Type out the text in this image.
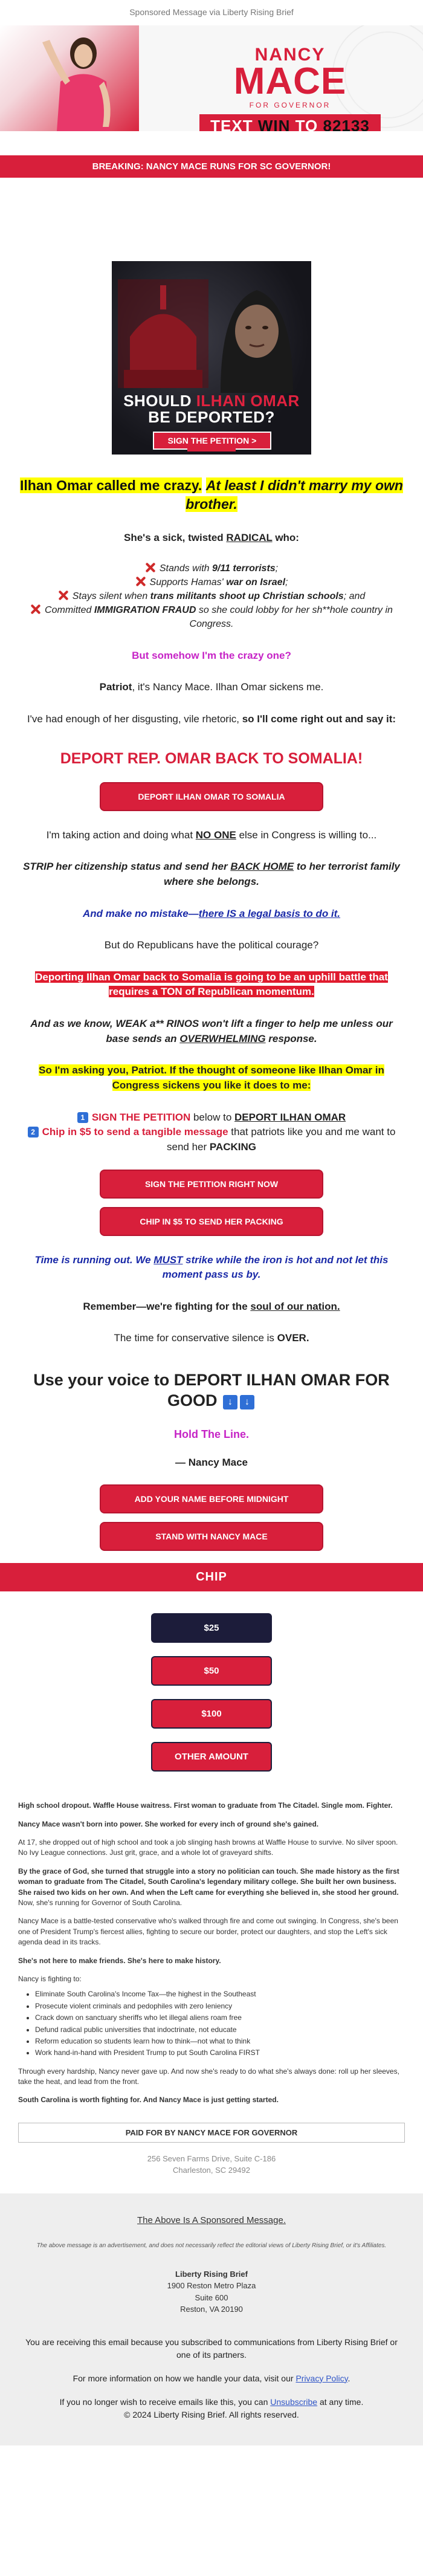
Sponsored Message via Liberty Rising Brief
NANCY
MACE
FOR GOVERNOR
TEXT WIN TO 82133
BREAKING: NANCY MACE RUNS FOR SC GOVERNOR!
SHOULD ILHAN OMAR
BE DEPORTED?
SIGN THE PETITION >
Ilhan Omar called me crazy. At least I didn't marry my own brother.
She's a sick, twisted RADICAL who:
Stands with 9/11 terrorists;
Supports Hamas' war on Israel;
Stays silent when trans militants shoot up Christian schools; and
Committed IMMIGRATION FRAUD so she could lobby for her sh**hole country in Congress.
But somehow I'm the crazy one?
Patriot, it's Nancy Mace. Ilhan Omar sickens me.
I've had enough of her disgusting, vile rhetoric, so I'll come right out and say it:
DEPORT REP. OMAR BACK TO SOMALIA!
DEPORT ILHAN OMAR TO SOMALIA
I'm taking action and doing what NO ONE else in Congress is willing to...
STRIP her citizenship status and send her BACK HOME to her terrorist family where she belongs.
And make no mistake—there IS a legal basis to do it.
But do Republicans have the political courage?
Deporting Ilhan Omar back to Somalia is going to be an uphill battle that requires a TON of Republican momentum.
And as we know, WEAK a** RINOS won't lift a finger to help me unless our base sends an OVERWHELMING response.
So I'm asking you, Patriot. If the thought of someone like Ilhan Omar in Congress sickens you like it does to me:
1 SIGN THE PETITION below to DEPORT ILHAN OMAR
2 Chip in $5 to send a tangible message that patriots like you and me want to send her PACKING
SIGN THE PETITION RIGHT NOW
CHIP IN $5 TO SEND HER PACKING
Time is running out. We MUST strike while the iron is hot and not let this moment pass us by.
Remember—we're fighting for the soul of our nation.
The time for conservative silence is OVER.
Use your voice to DEPORT ILHAN OMAR FOR GOOD ↓ ↓
Hold The Line.
— Nancy Mace
ADD YOUR NAME BEFORE MIDNIGHT
STAND WITH NANCY MACE
CHIP
$25
$50
$100
OTHER AMOUNT

High school dropout. Waffle House waitress. First woman to graduate from The Citadel. Single mom. Fighter.

Nancy Mace wasn't born into power. She worked for every inch of ground she's gained.

At 17, she dropped out of high school and took a job slinging hash browns at Waffle House to survive. No silver spoon. No Ivy League connections. Just grit, grace, and a whole lot of graveyard shifts.

By the grace of God, she turned that struggle into a story no politician can touch. She made history as the first woman to graduate from The Citadel, South Carolina's legendary military college. She built her own business. She raised two kids on her own. And when the Left came for everything she believed in, she stood her ground.
Now, she's running for Governor of South Carolina.

Nancy Mace is a battle-tested conservative who's walked through fire and come out swinging. In Congress, she's been one of President Trump's fiercest allies, fighting to secure our border, protect our daughters, and stop the Left's sick agenda dead in its tracks.

She's not here to make friends. She's here to make history.

Nancy is fighting to:

• Eliminate South Carolina's Income Tax—the highest in the Southeast
• Prosecute violent criminals and pedophiles with zero leniency
• Crack down on sanctuary sheriffs who let illegal aliens roam free
• Defund radical public universities that indoctrinate, not educate
• Reform education so students learn how to think—not what to think
• Work hand-in-hand with President Trump to put South Carolina FIRST

Through every hardship, Nancy never gave up. And now she's ready to do what she's always done: roll up her sleeves, take the heat, and lead from the front.

South Carolina is worth fighting for. And Nancy Mace is just getting started.

PAID FOR BY NANCY MACE FOR GOVERNOR
256 Seven Farms Drive, Suite C-186
Charleston, SC 29492
The Above Is A Sponsored Message.
The above message is an advertisement, and does not necessarily reflect the editorial views of Liberty Rising Brief, or it's Affiliates.
Liberty Rising Brief
1900 Reston Metro Plaza
Suite 600
Reston, VA 20190
You are receiving this email because you subscribed to communications from Liberty Rising Brief or one of its partners.
For more information on how we handle your data, visit our Privacy Policy.
If you no longer wish to receive emails like this, you can Unsubscribe at any time.
© 2024 Liberty Rising Brief. All rights reserved.
